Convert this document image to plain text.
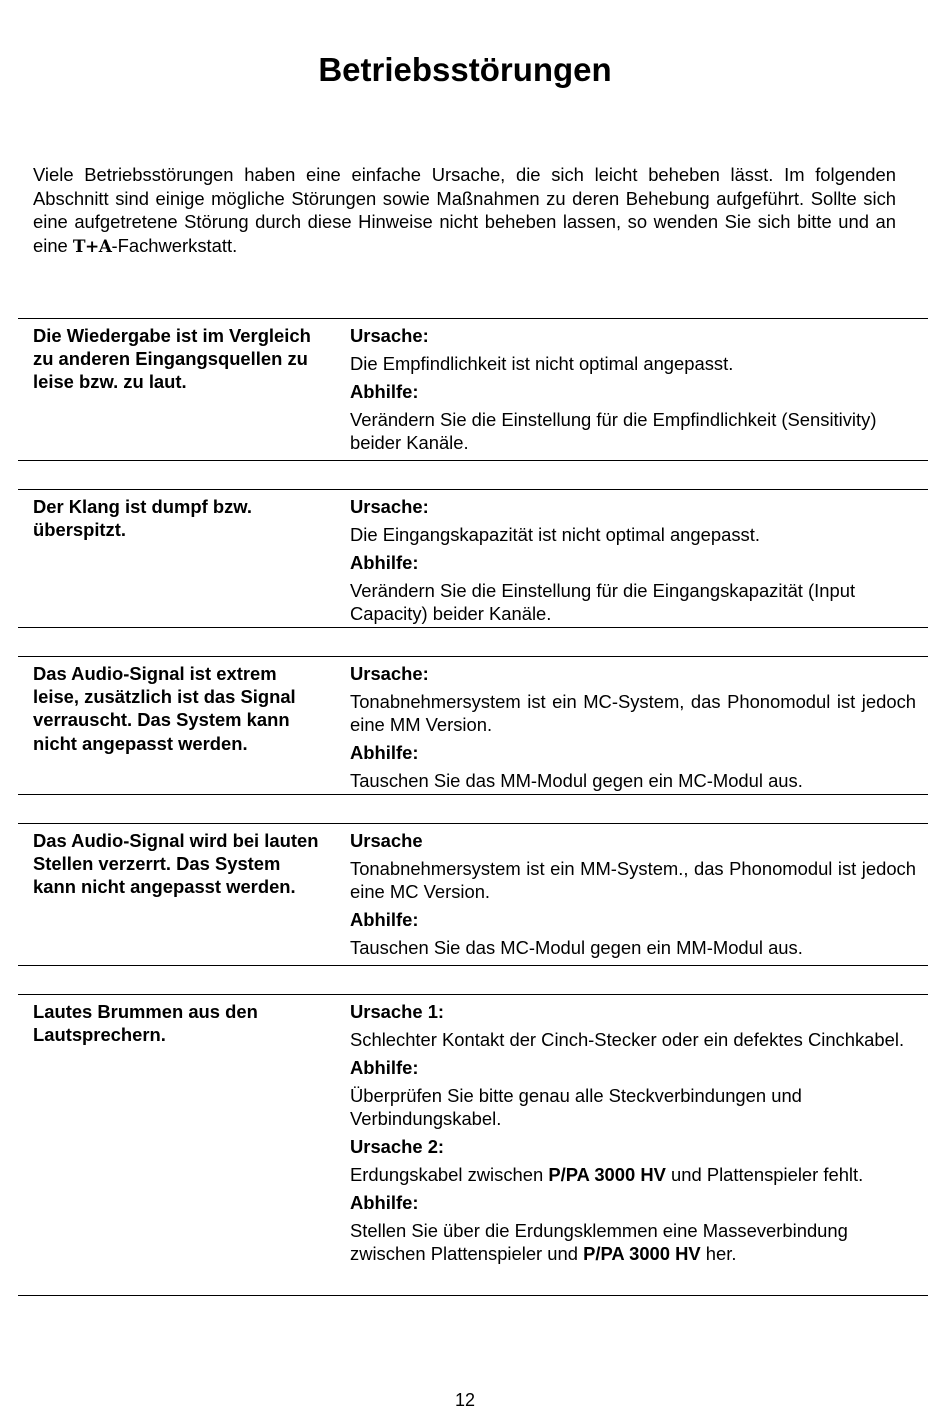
Betriebsstörungen
Viele Betriebsstörungen haben eine einfache Ursache, die sich leicht beheben lässt. Im folgenden Abschnitt sind einige mögliche Störungen sowie Maßnahmen zu deren Behebung aufgeführt. Sollte sich eine aufgetretene Störung durch diese Hinweise nicht beheben lassen, so wenden Sie sich bitte und an eine T+A-Fachwerkstatt.
Die Wiedergabe ist im Vergleich zu anderen Eingangsquellen zu leise bzw. zu laut.

Ursache:

Die Empfindlichkeit ist nicht optimal angepasst.

Abhilfe:

Verändern Sie die Einstellung für die Empfindlichkeit (Sensitivity) beider Kanäle.

Der Klang ist dumpf bzw. überspitzt.

Ursache:

Die Eingangskapazität ist nicht optimal angepasst.

Abhilfe:

Verändern Sie die Einstellung für die Eingangskapazität (Input Capacity) beider Kanäle.

Das Audio-Signal ist extrem leise, zusätzlich ist das Signal verrauscht. Das System kann nicht angepasst werden.

Ursache:

Tonabnehmersystem ist ein MC-System, das Phonomodul ist jedoch eine MM Version.

Abhilfe:

Tauschen Sie das MM-Modul gegen ein MC-Modul aus.

Das Audio-Signal wird bei lauten Stellen verzerrt. Das System kann nicht angepasst werden.

Ursache

Tonabnehmersystem ist ein MM-System., das Phonomodul ist jedoch eine MC Version.

Abhilfe:

Tauschen Sie das MC-Modul gegen ein MM-Modul aus.

Lautes Brummen aus den Lautsprechern.

Ursache 1:

Schlechter Kontakt der Cinch-Stecker oder ein defektes Cinchkabel.

Abhilfe:

Überprüfen Sie bitte genau alle Steckverbindungen und Verbindungskabel.

Ursache 2:

Erdungskabel zwischen P/PA 3000 HV und Plattenspieler fehlt.

Abhilfe:

Stellen Sie über die Erdungsklemmen eine Masseverbindung zwischen Plattenspieler und P/PA 3000 HV her.

12
